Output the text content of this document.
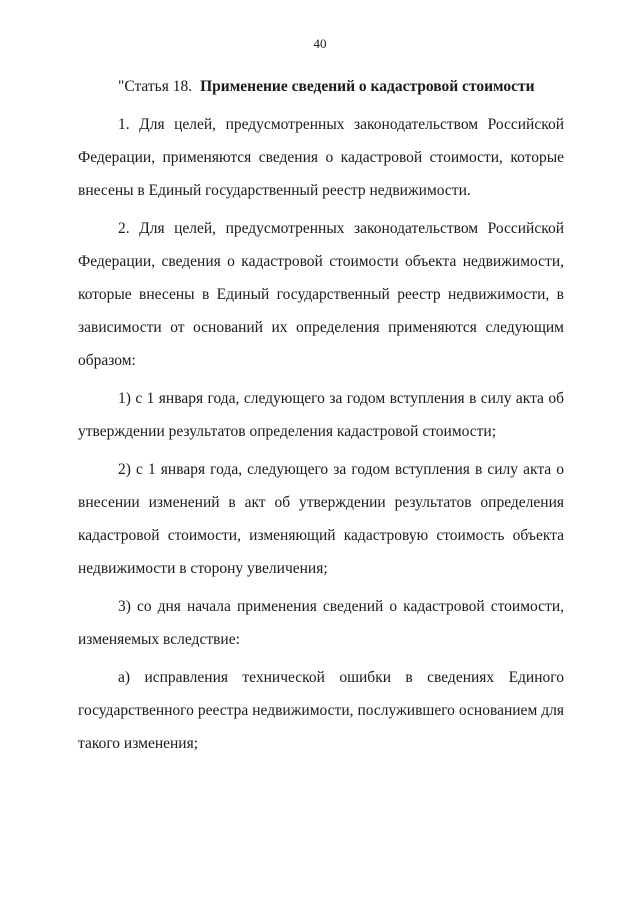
40

"Статья 18. Применение сведений о кадастровой стоимости

1. Для целей, предусмотренных законодательством Российской Федерации, применяются сведения о кадастровой стоимости, которые внесены в Единый государственный реестр недвижимости.

2. Для целей, предусмотренных законодательством Российской Федерации, сведения о кадастровой стоимости объекта недвижимости, которые внесены в Единый государственный реестр недвижимости, в зависимости от оснований их определения применяются следующим образом:

1) с 1 января года, следующего за годом вступления в силу акта об утверждении результатов определения кадастровой стоимости;

2) с 1 января года, следующего за годом вступления в силу акта о внесении изменений в акт об утверждении результатов определения кадастровой стоимости, изменяющий кадастровую стоимость объекта недвижимости в сторону увеличения;

3) со дня начала применения сведений о кадастровой стоимости, изменяемых вследствие:

а) исправления технической ошибки в сведениях Единого государственного реестра недвижимости, послужившего основанием для такого изменения;
